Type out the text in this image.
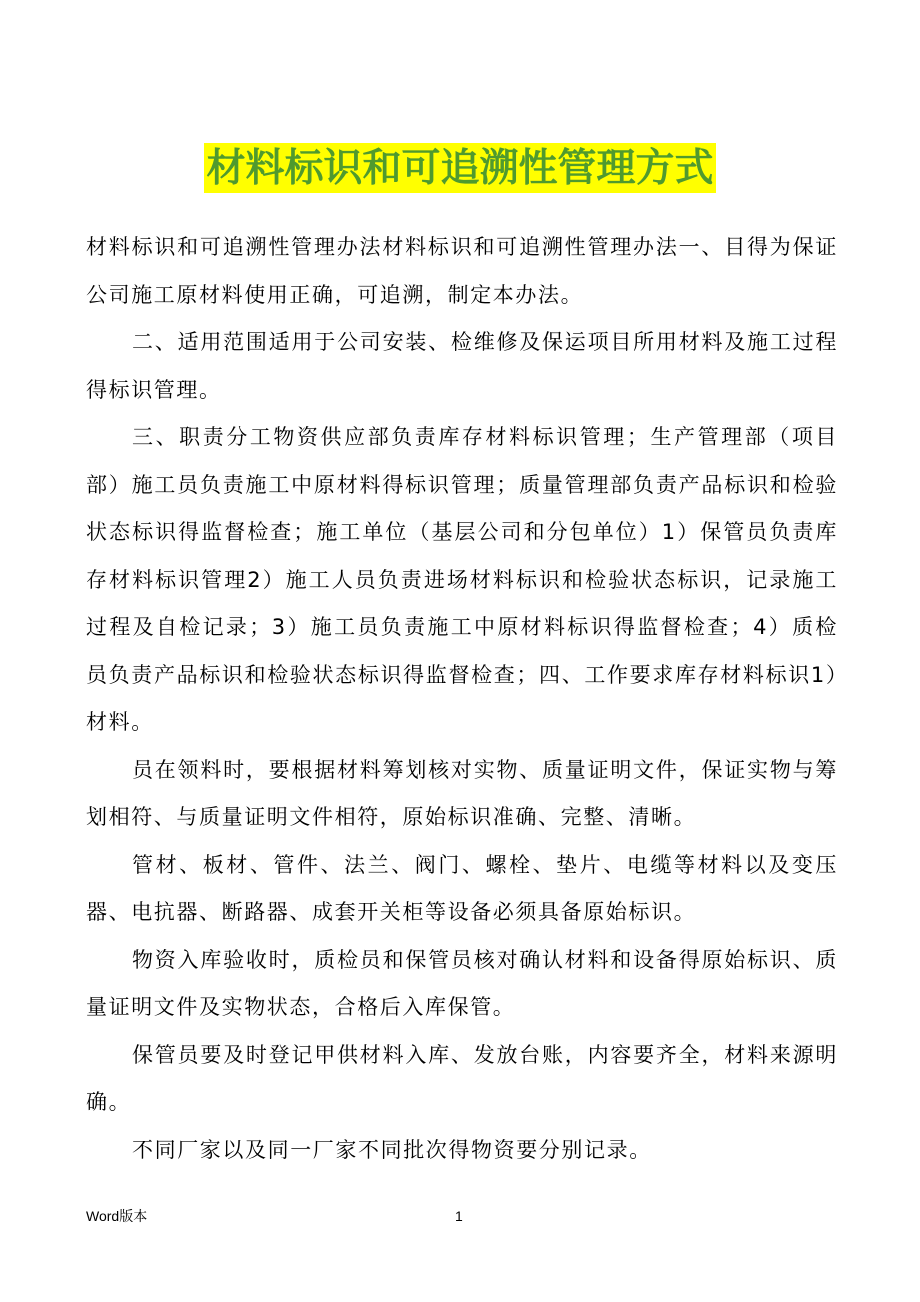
材料标识和可追溯性管理方式

材料标识和可追溯性管理办法材料标识和可追溯性管理办法一、目得为保证公司施工原材料使用正确，可追溯，制定本办法。

二、适用范围适用于公司安装、检维修及保运项目所用材料及施工过程得标识管理。

三、职责分工物资供应部负责库存材料标识管理；生产管理部（项目部）施工员负责施工中原材料得标识管理；质量管理部负责产品标识和检验状态标识得监督检查；施工单位（基层公司和分包单位）1）保管员负责库存材料标识管理2）施工人员负责进场材料标识和检验状态标识，记录施工过程及自检记录；3）施工员负责施工中原材料标识得监督检查；4）质检员负责产品标识和检验状态标识得监督检查；四、工作要求库存材料标识1）材料。

员在领料时，要根据材料筹划核对实物、质量证明文件，保证实物与筹划相符、与质量证明文件相符，原始标识准确、完整、清晰。

管材、板材、管件、法兰、阀门、螺栓、垫片、电缆等材料以及变压器、电抗器、断路器、成套开关柜等设备必须具备原始标识。

物资入库验收时，质检员和保管员核对确认材料和设备得原始标识、质量证明文件及实物状态，合格后入库保管。

保管员要及时登记甲供材料入库、发放台账，内容要齐全，材料来源明确。

不同厂家以及同一厂家不同批次得物资要分别记录。

Word版本	1
